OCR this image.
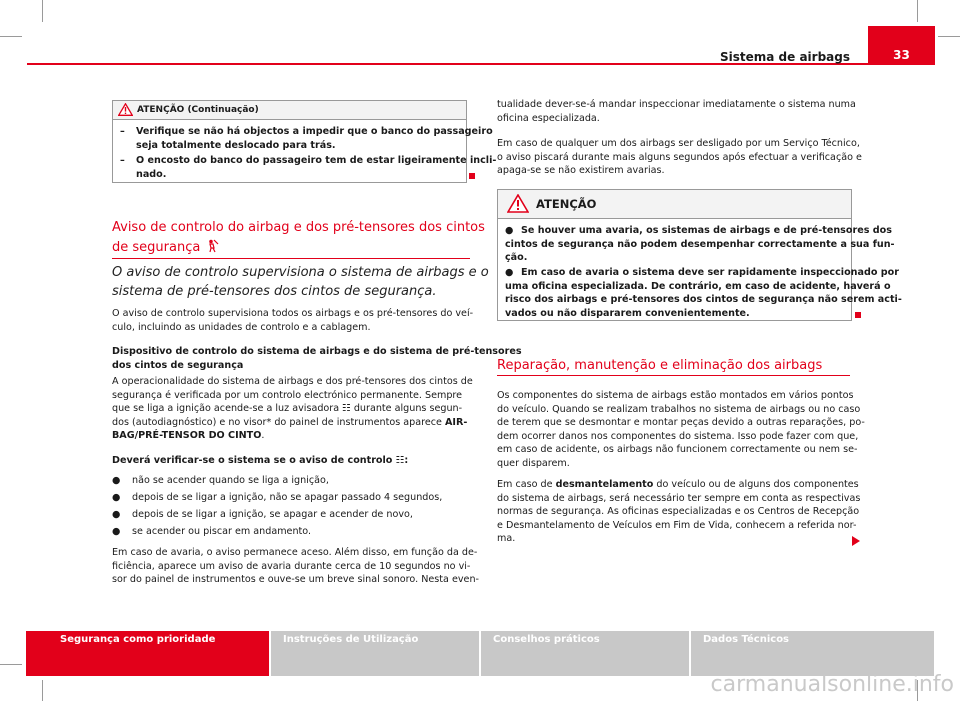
33
Sistema de airbags
ATENÇÃO (Continuação)
– Verifique se não há objectos a impedir que o banco do passageiro
seja totalmente deslocado para trás.
– O encosto do banco do passageiro tem de estar ligeiramente incli-
nado.
Aviso de controlo do airbag e dos pré-tensores dos cintos
de segurança
O aviso de controlo supervisiona o sistema de airbags e o
sistema de pré-tensores dos cintos de segurança.
O aviso de controlo supervisiona todos os airbags e os pré-tensores do veí-
culo, incluindo as unidades de controlo e a cablagem.
Dispositivo de controlo do sistema de airbags e do sistema de pré-tensores
dos cintos de segurança
A operacionalidade do sistema de airbags e dos pré-tensores dos cintos de
segurança é verificada por um controlo electrónico permanente. Sempre
que se liga a ignição acende-se a luz avisadora ☷ durante alguns segun-
dos (autodiagnóstico) e no visor* do painel de instrumentos aparece AIR-
BAG/PRÉ-TENSOR DO CINTO.
Deverá verificar-se o sistema se o aviso de controlo ☷:
● não se acender quando se liga a ignição,
● depois de se ligar a ignição, não se apagar passado 4 segundos,
● depois de se ligar a ignição, se apagar e acender de novo,
● se acender ou piscar em andamento.
Em caso de avaria, o aviso permanece aceso. Além disso, em função da de-
ficiência, aparece um aviso de avaria durante cerca de 10 segundos no vi-
sor do painel de instrumentos e ouve-se um breve sinal sonoro. Nesta even-
tualidade dever-se-á mandar inspeccionar imediatamente o sistema numa
oficina especializada.
Em caso de qualquer um dos airbags ser desligado por um Serviço Técnico,
o aviso piscará durante mais alguns segundos após efectuar a verificação e
apaga-se se não existirem avarias.
ATENÇÃO
● Se houver uma avaria, os sistemas de airbags e de pré-tensores dos
cintos de segurança não podem desempenhar correctamente a sua fun-
ção.
● Em caso de avaria o sistema deve ser rapidamente inspeccionado por
uma oficina especializada. De contrário, em caso de acidente, haverá o
risco dos airbags e pré-tensores dos cintos de segurança não serem acti-
vados ou não dispararem convenientemente.
Reparação, manutenção e eliminação dos airbags
Os componentes do sistema de airbags estão montados em vários pontos
do veículo. Quando se realizam trabalhos no sistema de airbags ou no caso
de terem que se desmontar e montar peças devido a outras reparações, po-
dem ocorrer danos nos componentes do sistema. Isso pode fazer com que,
em caso de acidente, os airbags não funcionem correctamente ou nem se-
quer disparem.
Em caso de desmantelamento do veículo ou de alguns dos componentes
do sistema de airbags, será necessário ter sempre em conta as respectivas
normas de segurança. As oficinas especializadas e os Centros de Recepção
e Desmantelamento de Veículos em Fim de Vida, conhecem a referida nor-
ma.
Segurança como prioridade	Instruções de Utilização	Conselhos práticos	Dados Técnicos
carmanualsonline.info
